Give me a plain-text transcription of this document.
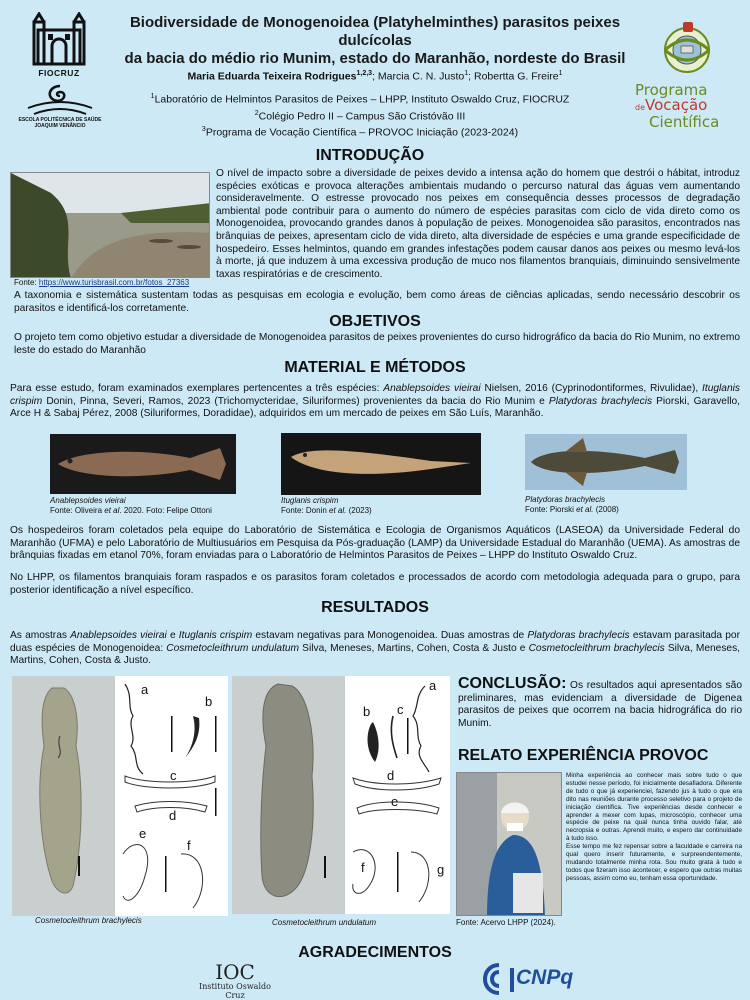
FIOCRUZ
ESCOLA POLITÉCNICA DE SAÚDE
JOAQUIM VENÂNCIO
Biodiversidade de Monogenoidea (Platyhelminthes) parasitos peixes dulcícolas
da bacia do médio rio Munim, estado do Maranhão, nordeste do Brasil
Maria Eduarda Teixeira Rodrigues$^{1,2,3}$; Marcia C. N. Justo$^1$; Robertta G. Freire$^1$
$^1$Laboratório de Helmintos Parasitos de Peixes – LHPP, Instituto Oswaldo Cruz, FIOCRUZ
$^2$Colégio Pedro II – Campus São Cristóvão III
$^3$Programa de Vocação Científica – PROVOC Iniciação (2023-2024)
Programa
deVocação
Científica
INTRODUÇÃO
Fonte: https://www.turisbrasil.com.br/fotos_27363
O nível de impacto sobre a diversidade de peixes devido a intensa ação do homem que destrói o hábitat, introduz espécies exóticas e provoca alterações ambientais mudando o percurso natural das águas vem aumentando consideravelmente. O estresse provocado nos peixes em consequência desses processos de degradação ambiental pode contribuir para o aumento do número de espécies parasitas com ciclo de vida direto como os Monogenoidea, provocando grandes danos à população de peixes. Monogenoidea são parasitos, encontrados nas brânquias de peixes, apresentam ciclo de vida direto, alta diversidade de espécies e uma grande especificidade de hospedeiro. Esses helmintos, quando em grandes infestações podem causar danos aos peixes ou mesmo levá-los à morte, já que induzem à uma excessiva produção de muco nos filamentos branquiais, diminuindo sensivelmente taxas respiratórias e de crescimento.
A taxonomia e sistemática sustentam todas as pesquisas em ecologia e evolução, bem como áreas de ciências aplicadas, sendo necessário descobrir os parasitos e identificá-los corretamente.
OBJETIVOS
O projeto tem como objetivo estudar a diversidade de Monogenoidea parasitos de peixes provenientes do curso hidrográfico da bacia do Rio Munim, no extremo leste do estado do Maranhão
MATERIAL E MÉTODOS
Para esse estudo, foram examinados exemplares pertencentes a três espécies: Anablepsoides vieirai Nielsen, 2016 (Cyprinodontiformes, Rivulidae), Ituglanis crispim Donin, Pinna, Severi, Ramos, 2023 (Trichomycteridae, Siluriformes) provenientes da bacia do Rio Munim e Platydoras brachylecis Piorski, Garavello, Arce H & Sabaj Pérez, 2008 (Siluriformes, Doradidae), adquiridos em um mercado de peixes em São Luís, Maranhão.
Anablepsoides vieirai
Fonte: Oliveira et al. 2020. Foto: Felipe Ottoni
Ituglanis crispim
Fonte: Donin et al. (2023)
Platydoras brachylecis
Fonte: Piorski et al. (2008)
Os hospedeiros foram coletados pela equipe do Laboratório de Sistemática e Ecologia de Organismos Aquáticos (LASEOA) da Universidade Federal do Maranhão (UFMA) e pelo Laboratório de Multiusuários em Pesquisa da Pós-graduação (LAMP) da Universidade Estadual do Maranhão (UEMA). As amostras de brânquias fixadas em etanol 70%, foram enviadas para o Laboratório de Helmintos Parasitos de Peixes – LHPP do Instituto Oswaldo Cruz.
No LHPP, os filamentos branquiais foram raspados e os parasitos foram coletados e processados de acordo com metodologia adequada para o grupo, para posterior identificação a nível específico.
RESULTADOS
As amostras Anablepsoides vieirai e Ituglanis crispim estavam negativas para Monogenoidea. Duas amostras de Platydoras brachylecis estavam parasitada por duas espécies de Monogenoidea: Cosmetocleithrum undulatum Silva, Meneses, Martins, Cohen, Costa & Justo e Cosmetocleithrum brachylecis Silva, Meneses, Martins, Cohen, Costa & Justo.
a
b
c
d
e
f
Cosmetocleithrum brachylecis
a
b c
d
e
f	g
Cosmetocleithrum undulatum
CONCLUSÃO: Os resultados aqui apresentados são preliminares, mas evidenciam a diversidade de Digenea parasitos de peixes que ocorrem na bacia hidrográfica do rio Munim.
RELATO EXPERIÊNCIA PROVOC
Fonte: Acervo LHPP (2024).
Minha experiência ao conhecer mais sobre tudo o que estudei nesse período, foi inicialmente desafiadora. Diferente de tudo o que já experienciei, fazendo jus à tudo o que era dito nas reuniões durante processo seletivo para o projeto de iniciação científica. Tive experiências desde conhecer e aprender a mexer com lupas, microscópio, conhecer uma espécie de peixe na qual nunca tinha ouvido falar, até necropsia e outras. Aprendi muito, e espero dar continuidade à tudo isso.
Esse tempo me fez repensar sobre a faculdade e carreira na qual quero inserir futuramente, e surpreendentemente, mudando totalmente minha rota. Sou muito grata à tudo e todos que fizeram isso acontecer, e espero que outras muitas pessoas, assim como eu, tenham essa oportunidade.
AGRADECIMENTOS
IOC
Instituto Oswaldo Cruz
CNPq
